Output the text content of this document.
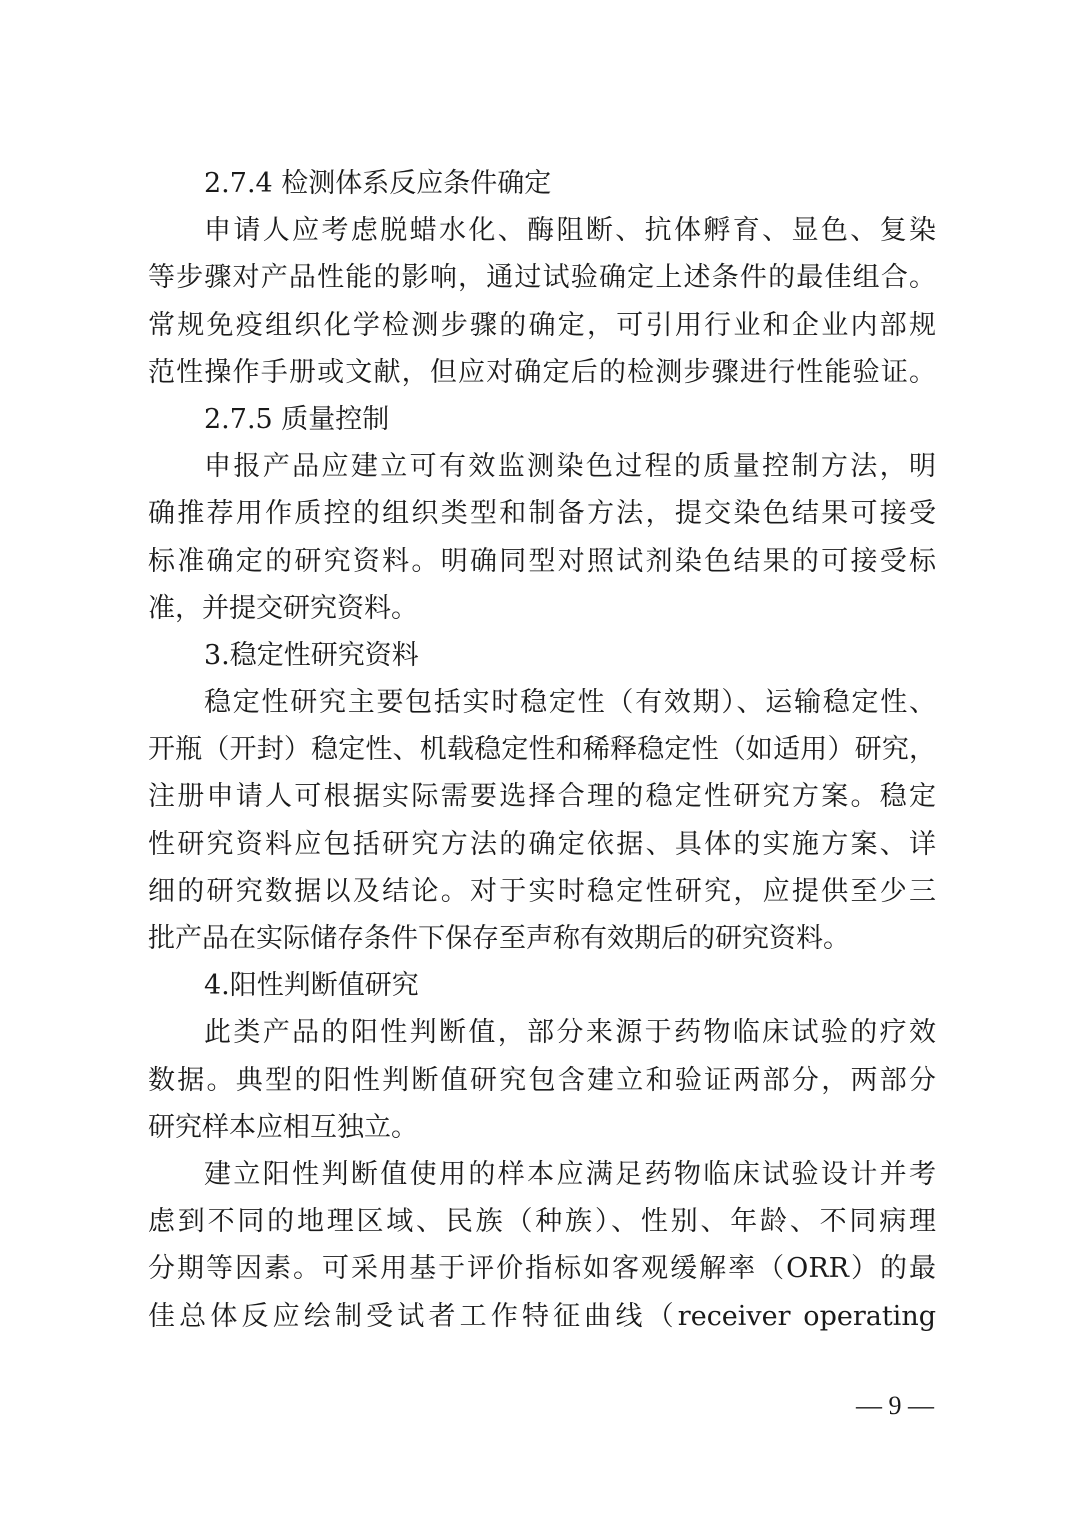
2.7.4 检测体系反应条件确定
申请人应考虑脱蜡水化、酶阻断、抗体孵育、显色、复染
等步骤对产品性能的影响，通过试验确定上述条件的最佳组合。
常规免疫组织化学检测步骤的确定，可引用行业和企业内部规
范性操作手册或文献，但应对确定后的检测步骤进行性能验证。
2.7.5 质量控制
申报产品应建立可有效监测染色过程的质量控制方法，明
确推荐用作质控的组织类型和制备方法，提交染色结果可接受
标准确定的研究资料。明确同型对照试剂染色结果的可接受标
准，并提交研究资料。
3.稳定性研究资料
稳定性研究主要包括实时稳定性（有效期）、运输稳定性、
开瓶（开封）稳定性、机载稳定性和稀释稳定性（如适用）研究，
注册申请人可根据实际需要选择合理的稳定性研究方案。稳定
性研究资料应包括研究方法的确定依据、具体的实施方案、详
细的研究数据以及结论。对于实时稳定性研究，应提供至少三
批产品在实际储存条件下保存至声称有效期后的研究资料。
4.阳性判断值研究
此类产品的阳性判断值，部分来源于药物临床试验的疗效
数据。典型的阳性判断值研究包含建立和验证两部分，两部分
研究样本应相互独立。
建立阳性判断值使用的样本应满足药物临床试验设计并考
虑到不同的地理区域、民族（种族）、性别、年龄、不同病理
分期等因素。可采用基于评价指标如客观缓解率（ORR）的最
佳总体反应绘制受试者工作特征曲线（receiver operating
— 9 —
